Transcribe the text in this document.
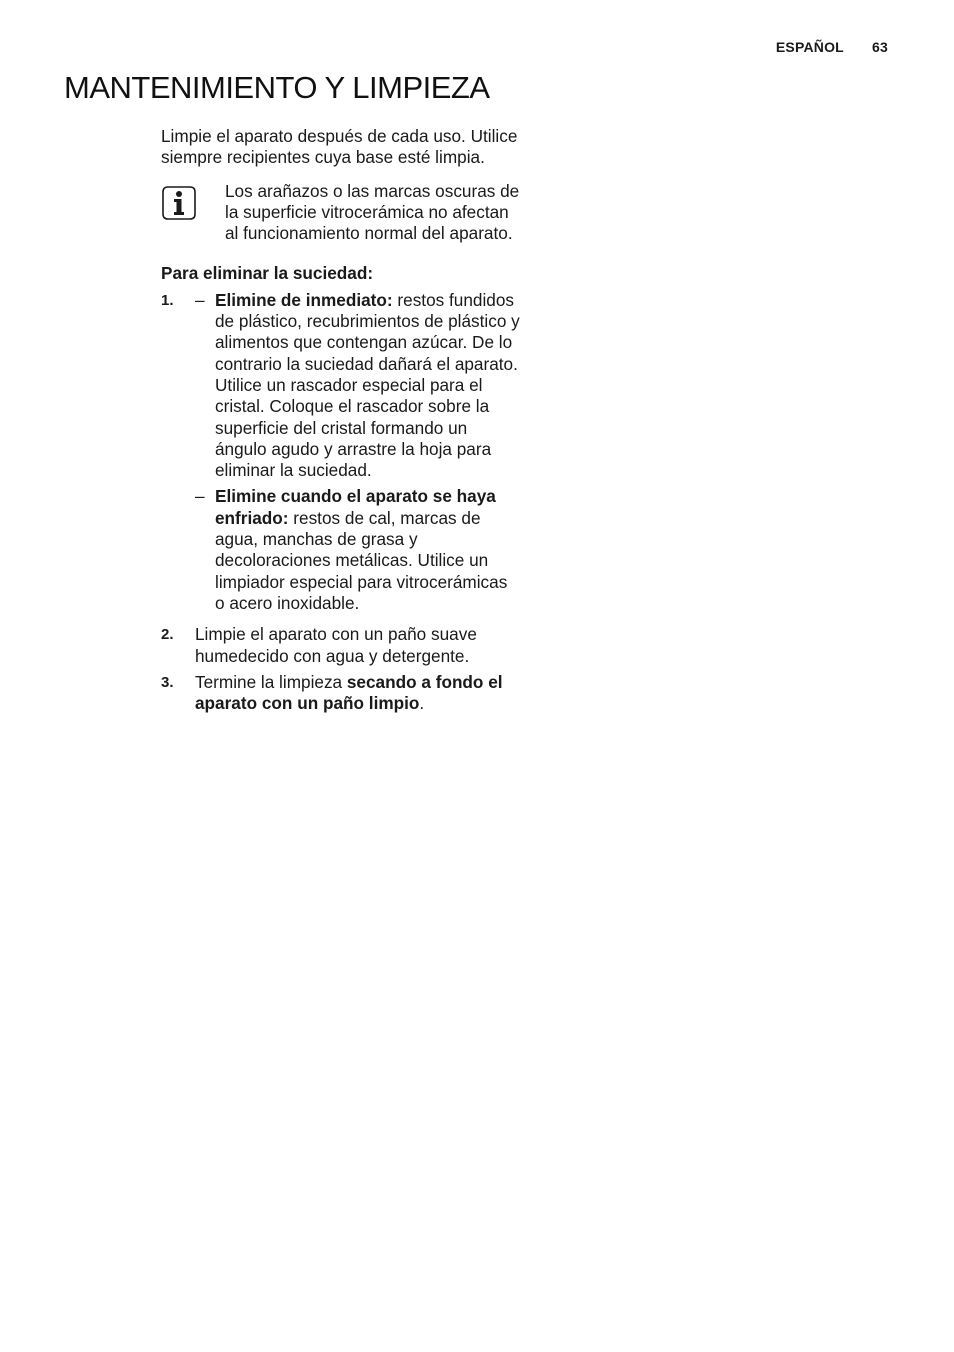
ESPAÑOL 63
MANTENIMIENTO Y LIMPIEZA

Limpie el aparato después de cada uso. Utilice siempre recipientes cuya base esté limpia.

Los arañazos o las marcas oscuras de la superficie vitrocerámica no afectan al funcionamiento normal del aparato.

Para eliminar la suciedad:

1.	– Elimine de inmediato: restos fundidos de plástico, recubrimientos de plástico y alimentos que contengan azúcar. De lo contrario la suciedad dañará el aparato. Utilice un rascador especial para el cristal. Coloque el rascador sobre la superficie del cristal formando un ángulo agudo y arrastre la hoja para eliminar la suciedad.
– Elimine cuando el aparato se haya enfriado: restos de cal, marcas de agua, manchas de grasa y decoloraciones metálicas. Utilice un limpiador especial para vitrocerámicas o acero inoxidable.
2.	Limpie el aparato con un paño suave humedecido con agua y detergente.
3.	Termine la limpieza secando a fondo el aparato con un paño limpio.
